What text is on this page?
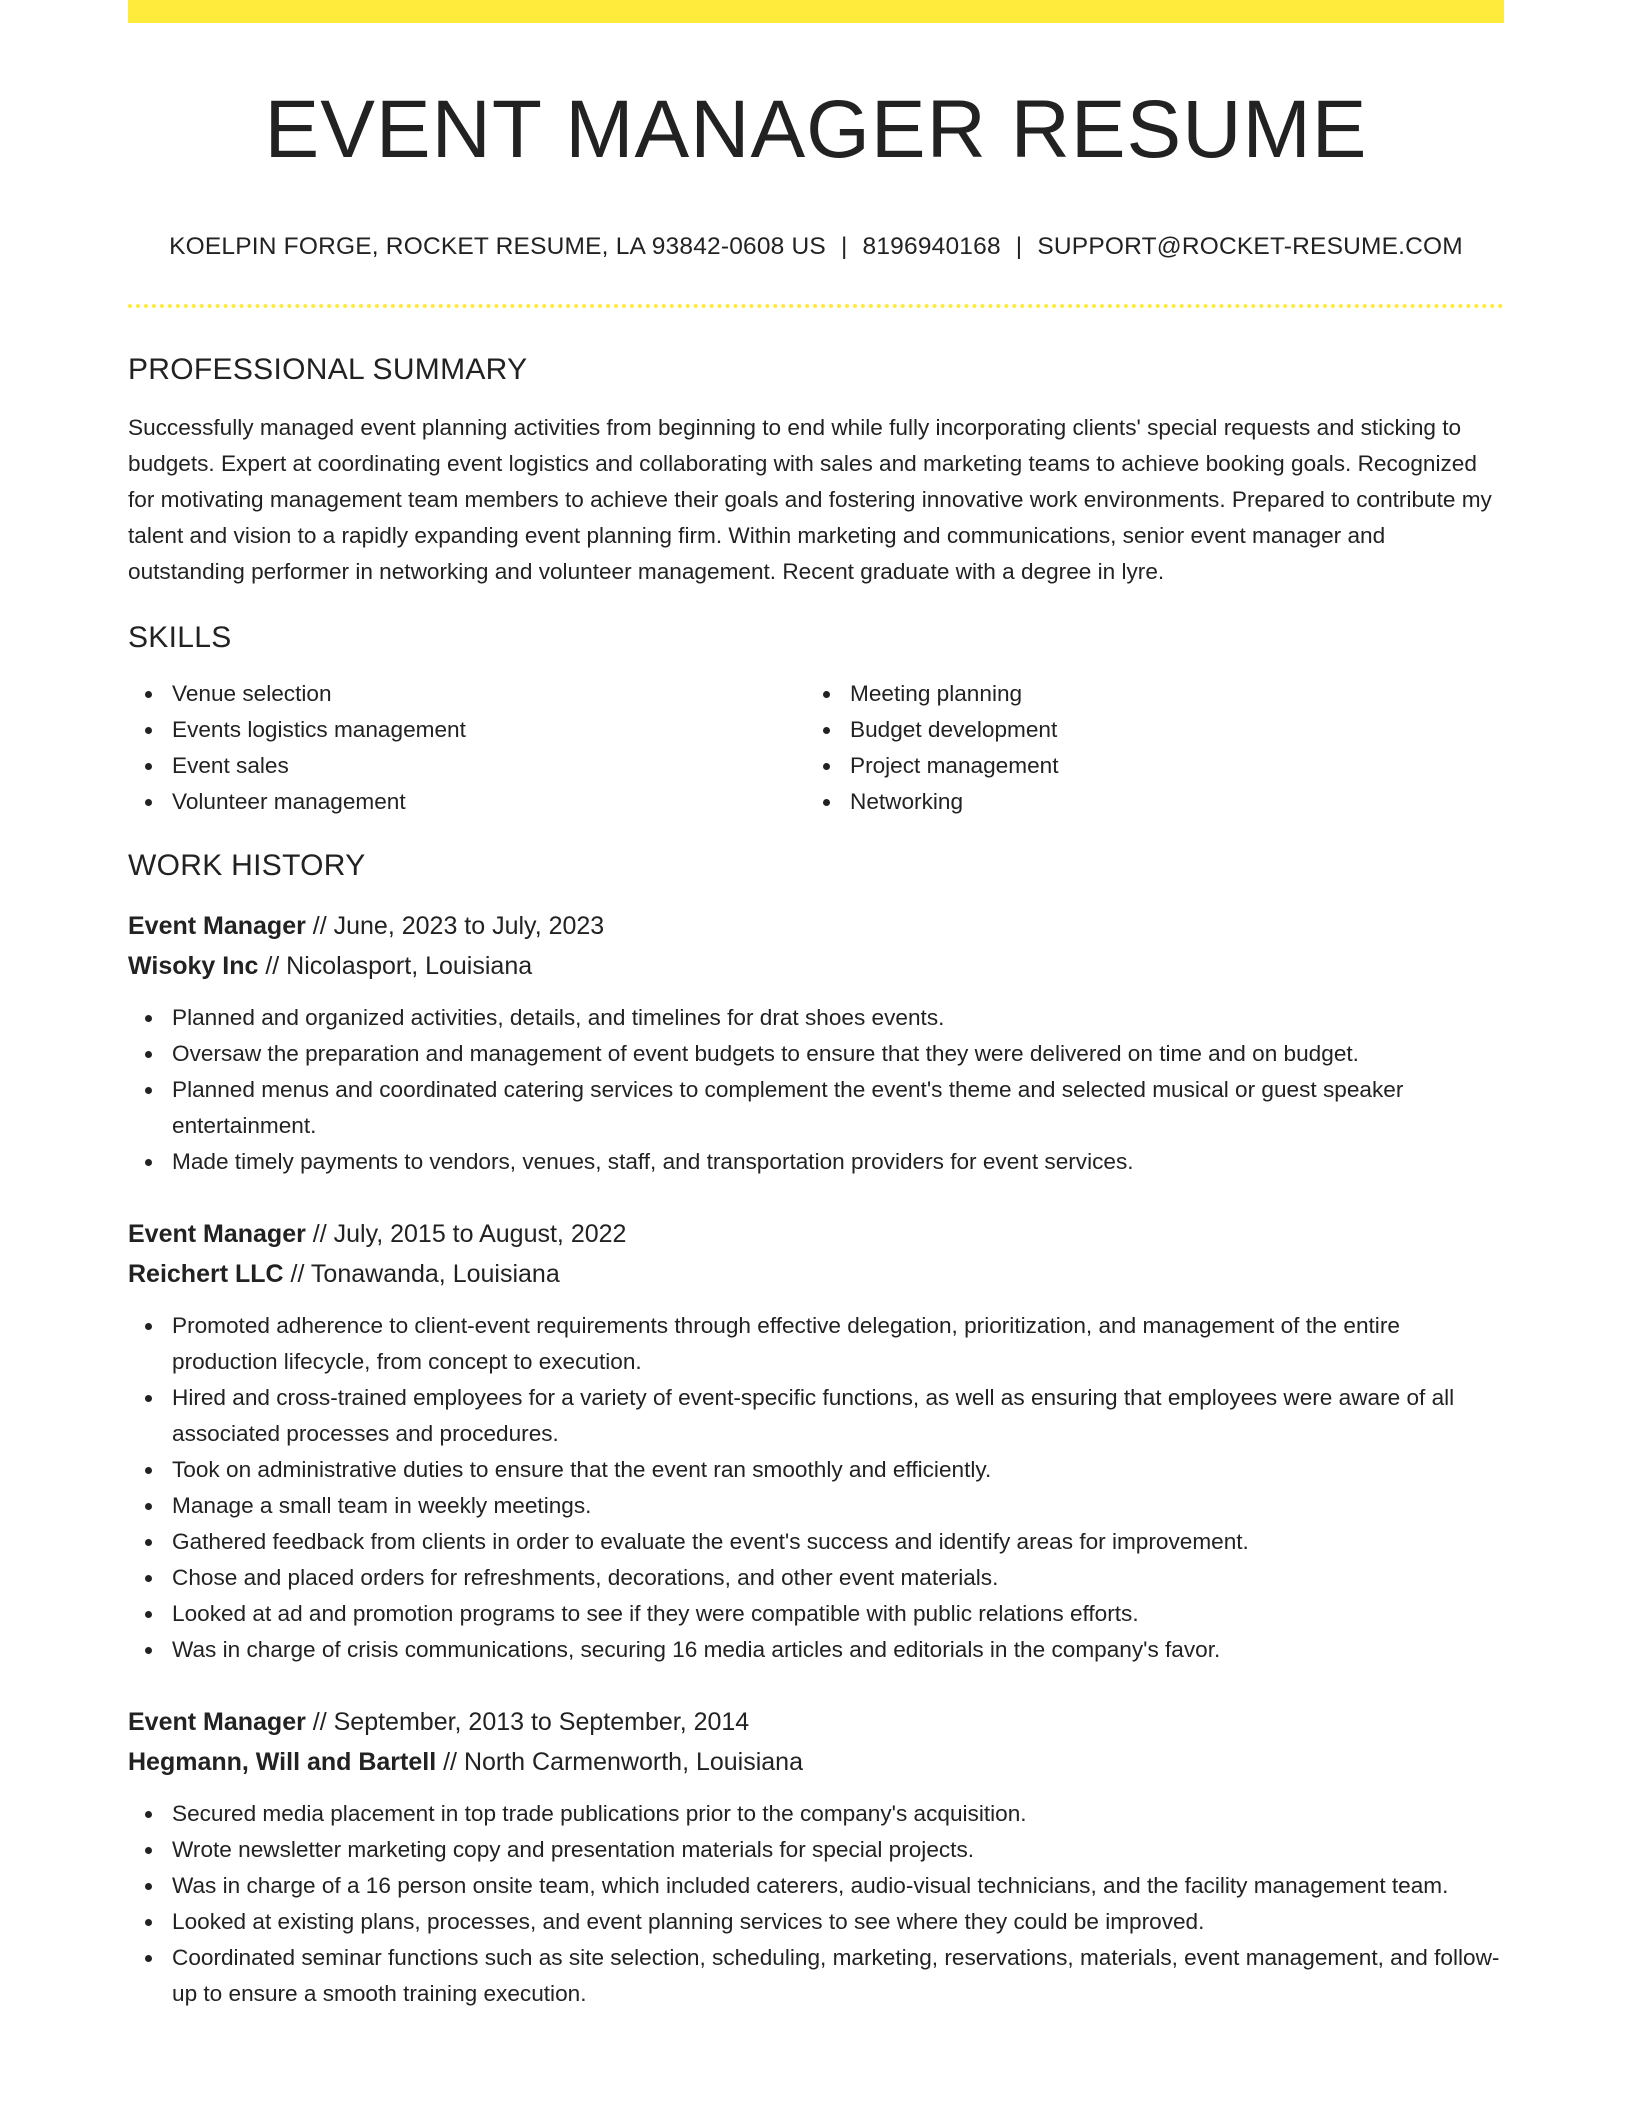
EVENT MANAGER RESUME
KOELPIN FORGE, ROCKET RESUME, LA 93842-0608 US | 8196940168 | SUPPORT@ROCKET-RESUME.COM
PROFESSIONAL SUMMARY

Successfully managed event planning activities from beginning to end while fully incorporating clients' special requests and sticking to budgets. Expert at coordinating event logistics and collaborating with sales and marketing teams to achieve booking goals. Recognized for motivating management team members to achieve their goals and fostering innovative work environments. Prepared to contribute my talent and vision to a rapidly expanding event planning firm. Within marketing and communications, senior event manager and outstanding performer in networking and volunteer management. Recent graduate with a degree in lyre.

SKILLS
Venue selection
Events logistics management
Event sales
Volunteer management
Meeting planning
Budget development
Project management
Networking
WORK HISTORY
Event Manager // June, 2023 to July, 2023
Wisoky Inc // Nicolasport, Louisiana
Planned and organized activities, details, and timelines for drat shoes events.
Oversaw the preparation and management of event budgets to ensure that they were delivered on time and on budget.
Planned menus and coordinated catering services to complement the event's theme and selected musical or guest speaker entertainment.
Made timely payments to vendors, venues, staff, and transportation providers for event services.
Event Manager // July, 2015 to August, 2022
Reichert LLC // Tonawanda, Louisiana
Promoted adherence to client-event requirements through effective delegation, prioritization, and management of the entire production lifecycle, from concept to execution.
Hired and cross-trained employees for a variety of event-specific functions, as well as ensuring that employees were aware of all associated processes and procedures.
Took on administrative duties to ensure that the event ran smoothly and efficiently.
Manage a small team in weekly meetings.
Gathered feedback from clients in order to evaluate the event's success and identify areas for improvement.
Chose and placed orders for refreshments, decorations, and other event materials.
Looked at ad and promotion programs to see if they were compatible with public relations efforts.
Was in charge of crisis communications, securing 16 media articles and editorials in the company's favor.
Event Manager // September, 2013 to September, 2014
Hegmann, Will and Bartell // North Carmenworth, Louisiana
Secured media placement in top trade publications prior to the company's acquisition.
Wrote newsletter marketing copy and presentation materials for special projects.
Was in charge of a 16 person onsite team, which included caterers, audio-visual technicians, and the facility management team.
Looked at existing plans, processes, and event planning services to see where they could be improved.
Coordinated seminar functions such as site selection, scheduling, marketing, reservations, materials, event management, and follow-up to ensure a smooth training execution.
